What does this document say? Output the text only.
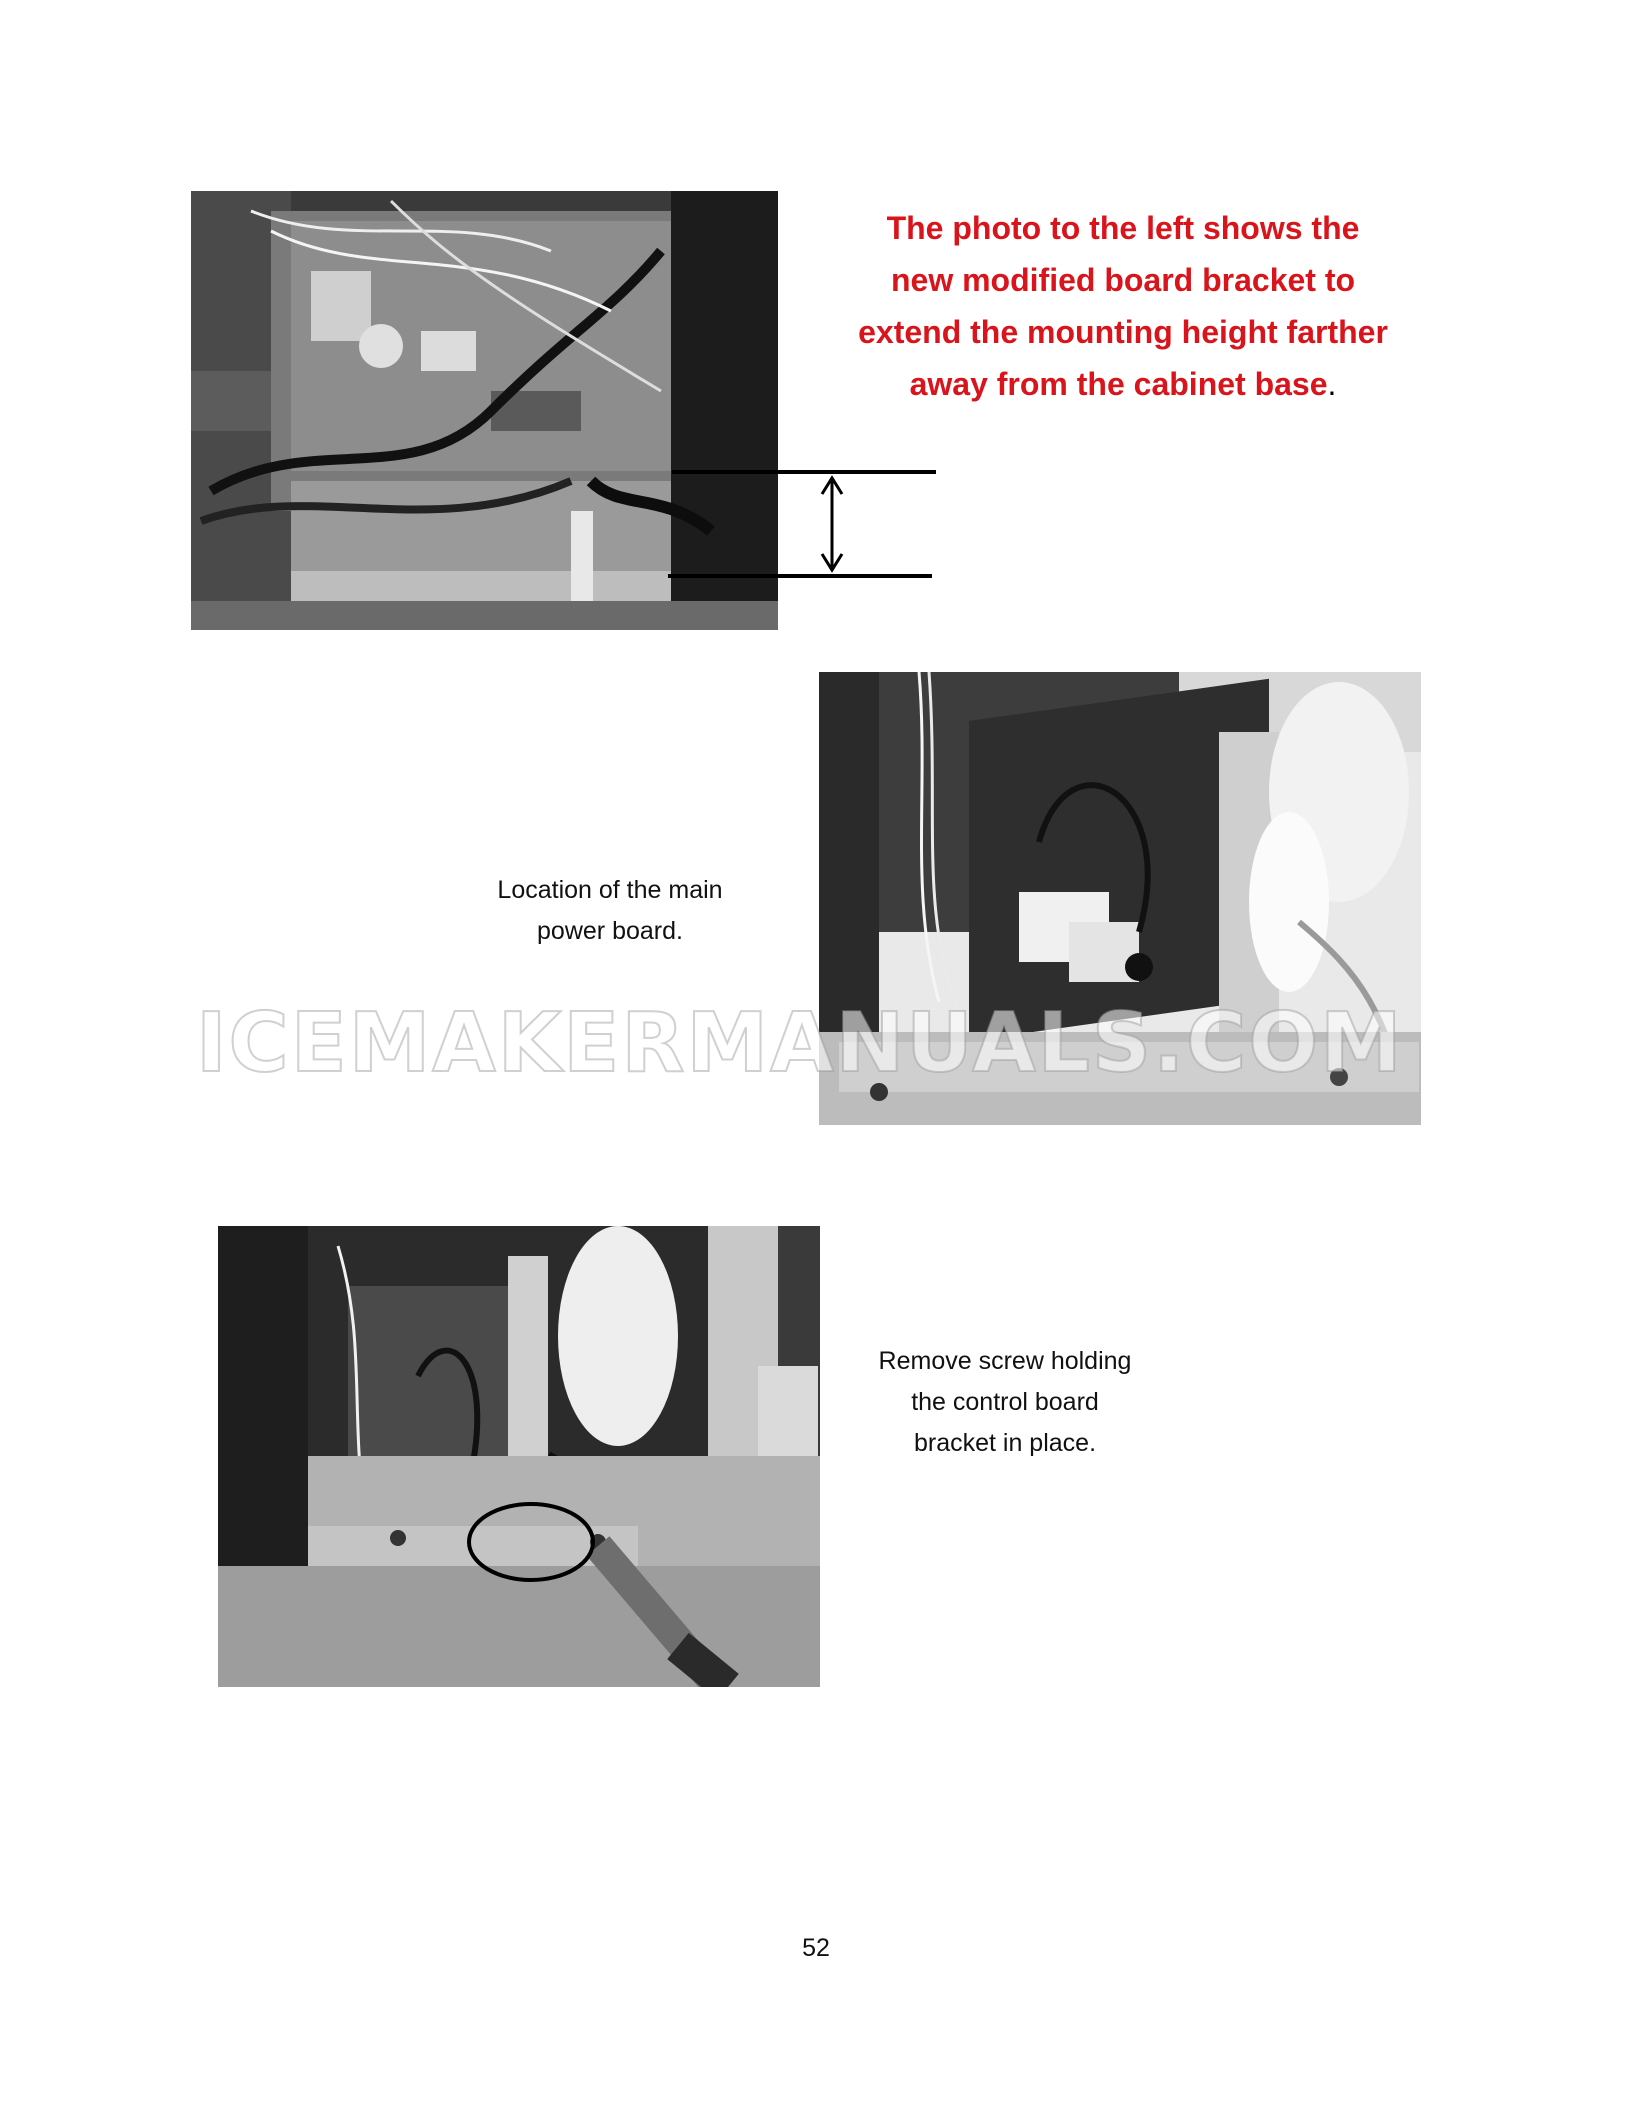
The photo to the left shows the
new modified board bracket to
extend the mounting height farther
away from the cabinet base.
Location of the main
power board.
Remove screw holding
the control board
bracket in place.
ICEMAKERMANUALS.COM
52
